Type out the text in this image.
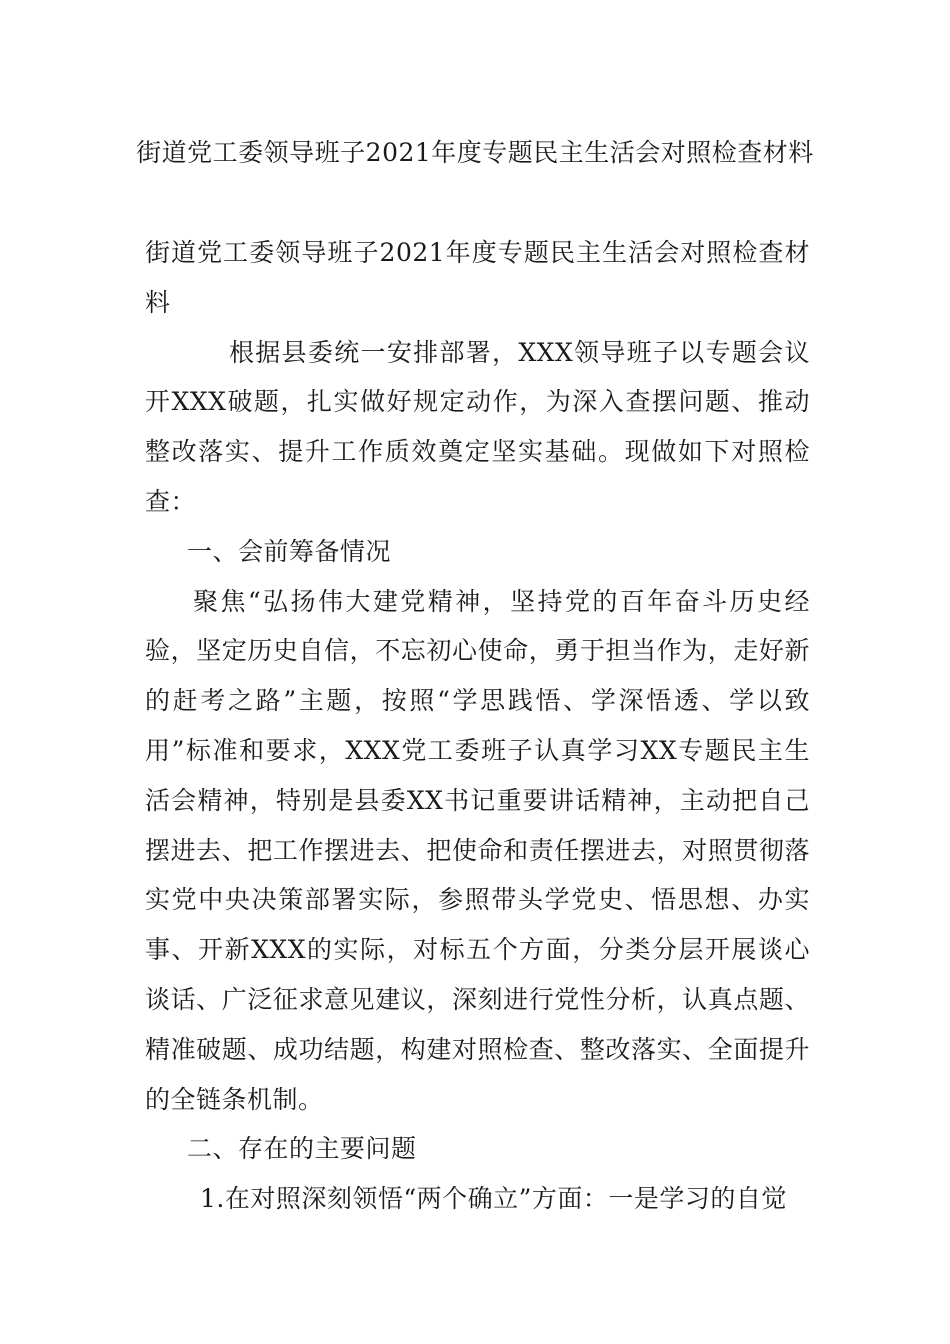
街道党工委领导班子2021年度专题民主生活会对照检查材料

街道党工委领导班子2021年度专题民主生活会对照检查材料

根据县委统一安排部署，XXX领导班子以专题会议开XXX破题，扎实做好规定动作，为深入查摆问题、推动整改落实、提升工作质效奠定坚实基础。现做如下对照检查：

一、会前筹备情况

聚焦“弘扬伟大建党精神，坚持党的百年奋斗历史经验，坚定历史自信，不忘初心使命，勇于担当作为，走好新的赶考之路”主题，按照“学思践悟、学深悟透、学以致用”标准和要求，XXX党工委班子认真学习XX专题民主生活会精神，特别是县委XX书记重要讲话精神，主动把自己摆进去、把工作摆进去、把使命和责任摆进去，对照贯彻落实党中央决策部署实际，参照带头学党史、悟思想、办实事、开新XXX的实际，对标五个方面，分类分层开展谈心谈话、广泛征求意见建议，深刻进行党性分析，认真点题、精准破题、成功结题，构建对照检查、整改落实、全面提升的全链条机制。

二、存在的主要问题

1.在对照深刻领悟“两个确立”方面：一是学习的自觉
